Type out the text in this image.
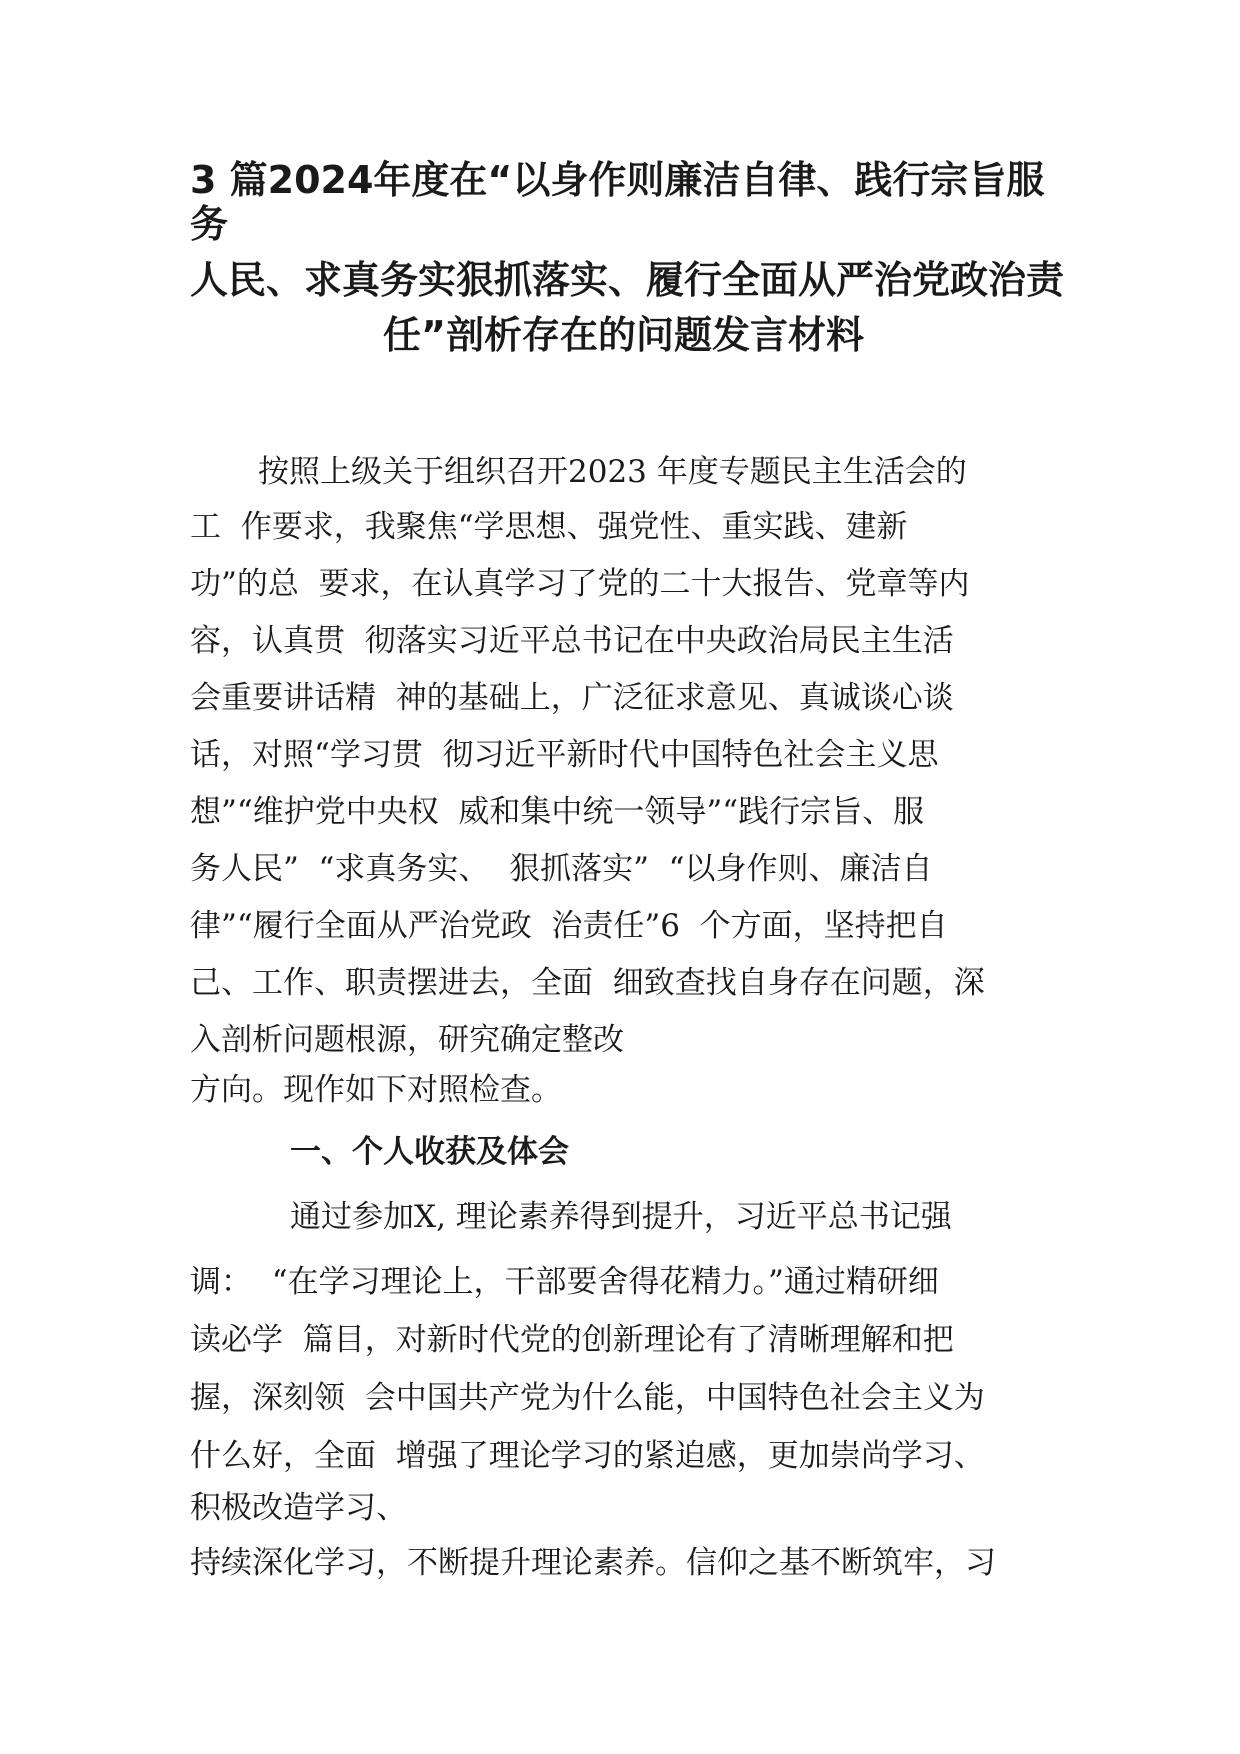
3 篇2024年度在“以身作则廉洁自律、践行宗旨服
务
人民、求真务实狠抓落实、履行全面从严治党政治责
任”剖析存在的问题发言材料

按照上级关于组织召开2023 年度专题民主生活会的

工  作要求，我聚焦“学思想、强党性、重实践、建新

功”的总  要求，在认真学习了党的二十大报告、党章等内

容，认真贯  彻落实习近平总书记在中央政治局民主生活

会重要讲话精  神的基础上，广泛征求意见、真诚谈心谈

话，对照“学习贯  彻习近平新时代中国特色社会主义思

想”“维护党中央权  威和集中统一领导”“践行宗旨、服

务人民”  “求真务实、  狠抓落实”  “以身作则、廉洁自

律”“履行全面从严治党政  治责任”6  个方面，坚持把自

己、工作、职责摆进去，全面  细致查找自身存在问题，深

入剖析问题根源，研究确定整改

方向。现作如下对照检查。

一、个人收获及体会

通过参加X, 理论素养得到提升，习近平总书记强

调：  “在学习理论上，干部要舍得花精力。”通过精研细

读必学  篇目，对新时代党的创新理论有了清晰理解和把

握，深刻领  会中国共产党为什么能，中国特色社会主义为

什么好，全面  增强了理论学习的紧迫感，更加崇尚学习、

积极改造学习、

持续深化学习，不断提升理论素养。信仰之基不断筑牢，习
